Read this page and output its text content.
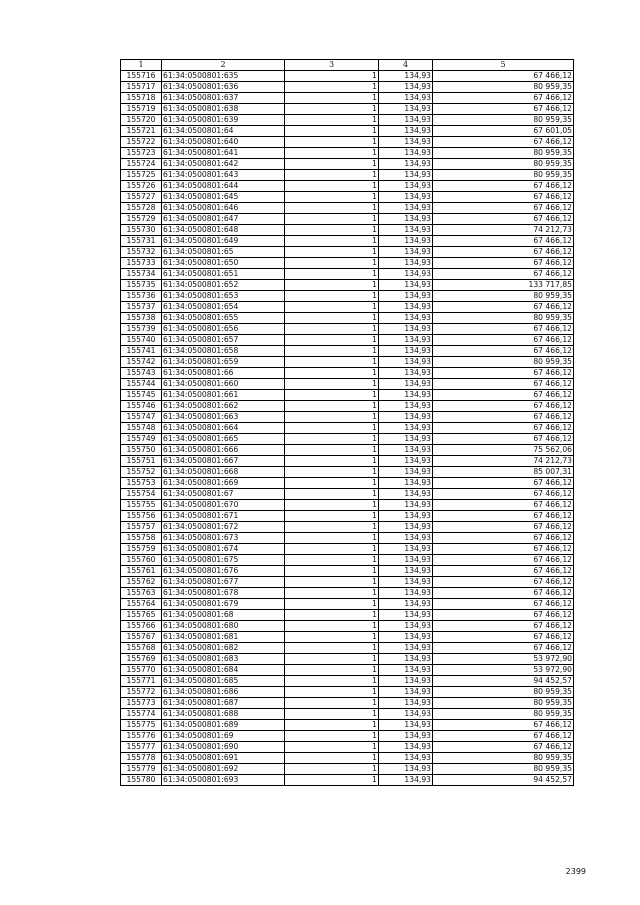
1	2	3	4	5
155716	61:34:0500801:635	1	134,93	67 466,12
155717	61:34:0500801:636	1	134,93	80 959,35
155718	61:34:0500801:637	1	134,93	67 466,12
155719	61:34:0500801:638	1	134,93	67 466,12
155720	61:34:0500801:639	1	134,93	80 959,35
155721	61:34:0500801:64	1	134,93	67 601,05
155722	61:34:0500801:640	1	134,93	67 466,12
155723	61:34:0500801:641	1	134,93	80 959,35
155724	61:34:0500801:642	1	134,93	80 959,35
155725	61:34:0500801:643	1	134,93	80 959,35
155726	61:34:0500801:644	1	134,93	67 466,12
155727	61:34:0500801:645	1	134,93	67 466,12
155728	61:34:0500801:646	1	134,93	67 466,12
155729	61:34:0500801:647	1	134,93	67 466,12
155730	61:34:0500801:648	1	134,93	74 212,73
155731	61:34:0500801:649	1	134,93	67 466,12
155732	61:34:0500801:65	1	134,93	67 466,12
155733	61:34:0500801:650	1	134,93	67 466,12
155734	61:34:0500801:651	1	134,93	67 466,12
155735	61:34:0500801:652	1	134,93	133 717,85
155736	61:34:0500801:653	1	134,93	80 959,35
155737	61:34:0500801:654	1	134,93	67 466,12
155738	61:34:0500801:655	1	134,93	80 959,35
155739	61:34:0500801:656	1	134,93	67 466,12
155740	61:34:0500801:657	1	134,93	67 466,12
155741	61:34:0500801:658	1	134,93	67 466,12
155742	61:34:0500801:659	1	134,93	80 959,35
155743	61:34:0500801:66	1	134,93	67 466,12
155744	61:34:0500801:660	1	134,93	67 466,12
155745	61:34:0500801:661	1	134,93	67 466,12
155746	61:34:0500801:662	1	134,93	67 466,12
155747	61:34:0500801:663	1	134,93	67 466,12
155748	61:34:0500801:664	1	134,93	67 466,12
155749	61:34:0500801:665	1	134,93	67 466,12
155750	61:34:0500801:666	1	134,93	75 562,06
155751	61:34:0500801:667	1	134,93	74 212,73
155752	61:34:0500801:668	1	134,93	85 007,31
155753	61:34:0500801:669	1	134,93	67 466,12
155754	61:34:0500801:67	1	134,93	67 466,12
155755	61:34:0500801:670	1	134,93	67 466,12
155756	61:34:0500801:671	1	134,93	67 466,12
155757	61:34:0500801:672	1	134,93	67 466,12
155758	61:34:0500801:673	1	134,93	67 466,12
155759	61:34:0500801:674	1	134,93	67 466,12
155760	61:34:0500801:675	1	134,93	67 466,12
155761	61:34:0500801:676	1	134,93	67 466,12
155762	61:34:0500801:677	1	134,93	67 466,12
155763	61:34:0500801:678	1	134,93	67 466,12
155764	61:34:0500801:679	1	134,93	67 466,12
155765	61:34:0500801:68	1	134,93	67 466,12
155766	61:34:0500801:680	1	134,93	67 466,12
155767	61:34:0500801:681	1	134,93	67 466,12
155768	61:34:0500801:682	1	134,93	67 466,12
155769	61:34:0500801:683	1	134,93	53 972,90
155770	61:34:0500801:684	1	134,93	53 972,90
155771	61:34:0500801:685	1	134,93	94 452,57
155772	61:34:0500801:686	1	134,93	80 959,35
155773	61:34:0500801:687	1	134,93	80 959,35
155774	61:34:0500801:688	1	134,93	80 959,35
155775	61:34:0500801:689	1	134,93	67 466,12
155776	61:34:0500801:69	1	134,93	67 466,12
155777	61:34:0500801:690	1	134,93	67 466,12
155778	61:34:0500801:691	1	134,93	80 959,35
155779	61:34:0500801:692	1	134,93	80 959,35
155780	61:34:0500801:693	1	134,93	94 452,57
2399
